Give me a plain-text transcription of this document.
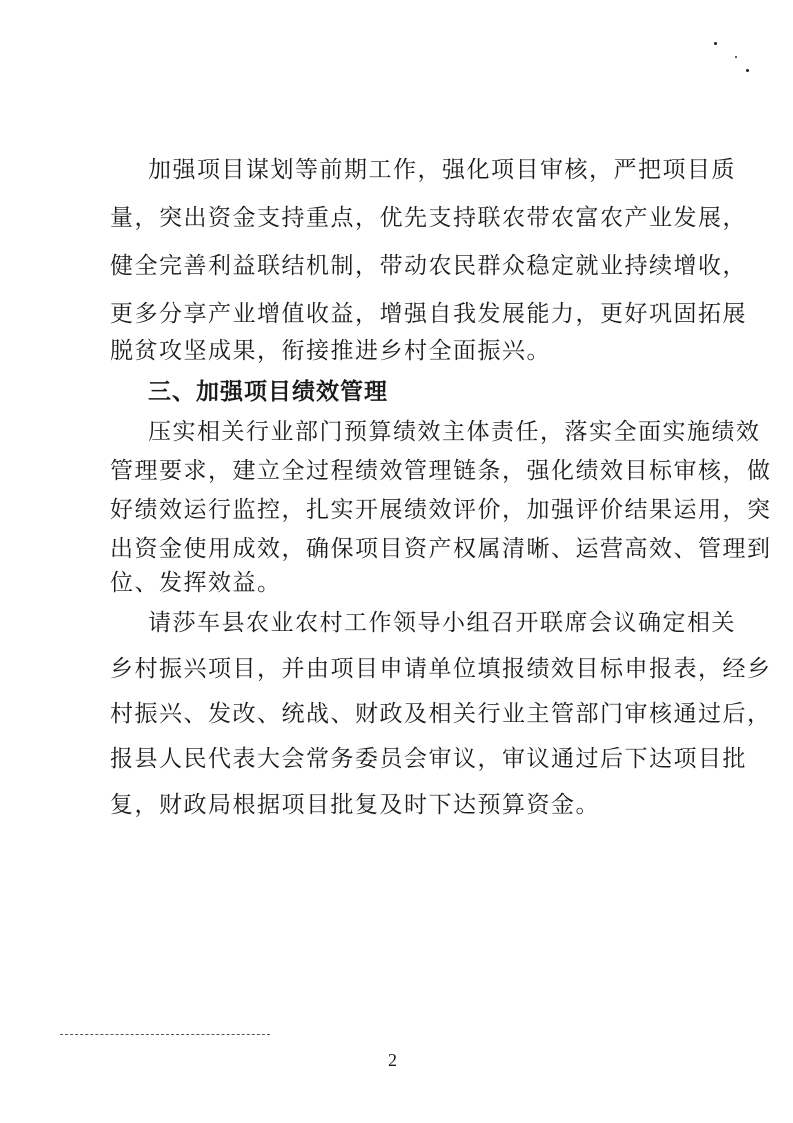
加强项目谋划等前期工作，强化项目审核，严把项目质
量，突出资金支持重点，优先支持联农带农富农产业发展，
健全完善利益联结机制，带动农民群众稳定就业持续增收，
更多分享产业增值收益，增强自我发展能力，更好巩固拓展
脱贫攻坚成果，衔接推进乡村全面振兴。
三、加强项目绩效管理
压实相关行业部门预算绩效主体责任，落实全面实施绩效
管理要求，建立全过程绩效管理链条，强化绩效目标审核，做
好绩效运行监控，扎实开展绩效评价，加强评价结果运用，突
出资金使用成效，确保项目资产权属清晰、运营高效、管理到
位、发挥效益。
请莎车县农业农村工作领导小组召开联席会议确定相关
乡村振兴项目，并由项目申请单位填报绩效目标申报表，经乡
村振兴、发改、统战、财政及相关行业主管部门审核通过后，
报县人民代表大会常务委员会审议，审议通过后下达项目批
复，财政局根据项目批复及时下达预算资金。
2
